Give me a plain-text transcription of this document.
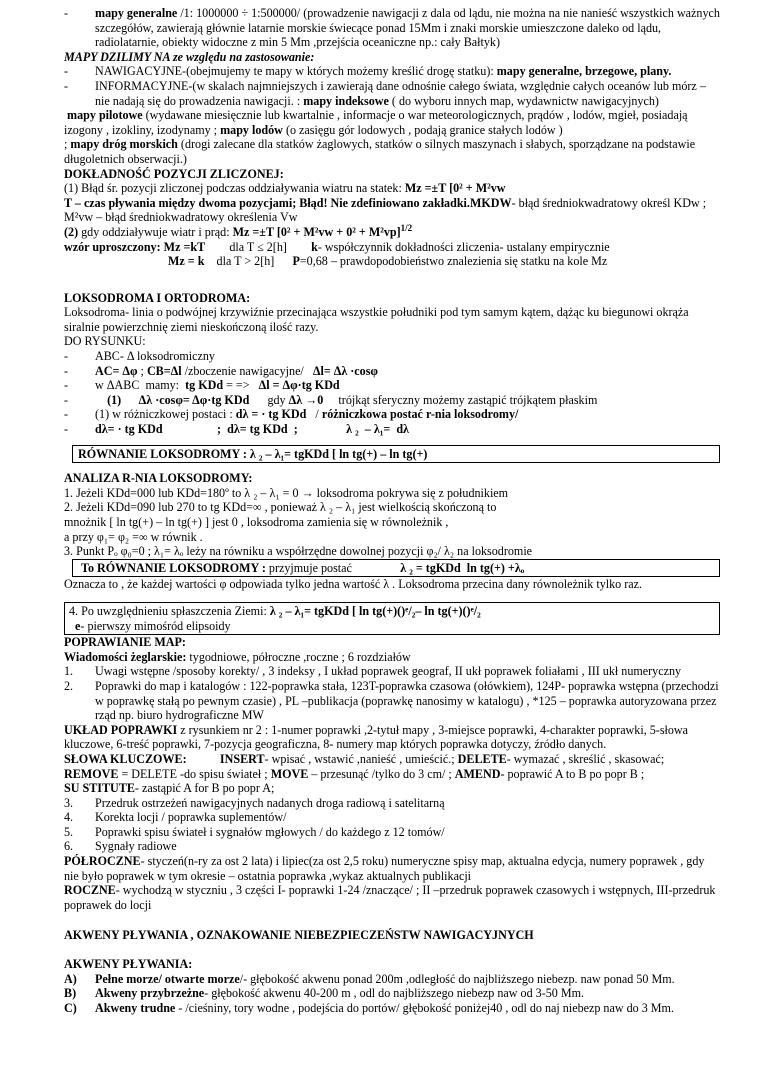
- mapy generalne /1: 1000000 ÷ 1:500000/ (prowadzenie nawigacji z dala od lądu, nie można na nie nanieść wszystkich ważnych szczegółów, zawierają głównie latarnie morskie świecące ponad 15Mm i znaki morskie umieszczone daleko od lądu, radiolatarnie, obiekty widoczne z min 5 Mm ,przejścia oceaniczne np.: cały Bałtyk)

MAPY DZILIMY NA ze względu na zastosowanie:

- NAWIGACYJNE-(obejmujemy te mapy w których możemy kreślić drogę statku): mapy generalne, brzegowe, plany.

- INFORMACYJNE-(w skalach najmniejszych i zawierają dane odnośnie całego świata, względnie całych oceanów lub mórz – nie nadają się do prowadzenia nawigacji. : mapy indeksowe ( do wyboru innych map, wydawnictw nawigacyjnych)

mapy pilotowe (wydawane miesięcznie lub kwartalnie , informacje o war meteorologicznych, prądów , lodów, mgieł, posiadają izogony , izokliny, izodynamy ; mapy lodów (o zasięgu gór lodowych , podają granice stałych lodów )

; mapy dróg morskich (drogi zalecane dla statków żaglowych, statków o silnych maszynach i słabych, sporządzane na podstawie długoletnich obserwacji.)

DOKŁADNOŚĆ POZYCJI ZLICZONEJ:

(1) Błąd śr. pozycji zliczonej podczas oddziaływania wiatru na statek: Mz =±T [0² + M²vw

T – czas pływania między dwoma pozycjami; Błąd! Nie zdefiniowano zakładki.MKDW- błąd średniokwadratowy określ KDw ;

M²vw – błąd średniokwadratowy określenia Vw

(2) gdy oddziaływuje wiatr i prąd: Mz =±T $[0^2 + M^2vw + 0^2 + M^2vp]^{1/2}$

wzór uproszczony: Mz =kT        dla T ≤ 2[h]        k- współczynnik dokładności zliczenia- ustalany empirycznie

Mz = k    dla T > 2[h]      P=0,68 – prawdopodobieństwo znalezienia się statku na kole Mz

LOKSODROMA I ORTODROMA:

Loksodroma- linia o podwójnej krzywiźnie przecinająca wszystkie południki pod tym samym kątem, dążąc ku biegunowi okrąża siralnie powierzchnię ziemi nieskończoną ilość razy.

DO RYSUNKU:

- ABC- Δ loksodromiczny

- AC= Δφ ; CB=Δl /zboczenie nawigacyjne/   Δl= Δλ ·cosφ

- w ΔABC  mamy:  tg KDd = =>   Δl = Δφ·tg KDd

-	(1)      Δλ ·cosφ= Δφ·tg KDd      gdy Δλ →0     trójkąt sferyczny możemy zastąpić trójkątem płaskim

- (1) w różniczkowej postaci : dλ = · tg KDd   / różniczkowa postać r-nia loksodromy/

- dλ= · tg KDd                  ;  dλ= tg KDd  ;                λ ₂  – λ₁=  dλ

RÓWNANIE LOKSODROMY : λ ₂ – λ₁= tgKDd [ ln tg(+) – ln tg(+)

ANALIZA R-NIA LOKSODROMY:

1. Jeżeli KDd=000 lub KDd=180º to λ ₂ – λ₁ = 0 → loksodroma pokrywa się z południkiem

2. Jeżeli KDd=090 lub 270 to tg KDd=∞ , ponieważ λ ₂ – λ₁ jest wielkością skończoną to

mnożnik [ ln tg(+) – ln tg(+) ] jest 0 , loksodroma zamienia się w równoleżnik ,

a przy φ₁= φ₂ =∞ w równik .

3. Punkt Pₒ φ₀=0 ; λ₁= λₒ leży na równiku a współrzędne dowolnej pozycji φ₂/ λ₂ na loksodromie

To RÓWNANIE LOKSODROMY : przyjmuje postać                λ ₂ = tgKDd  ln tg(+) +λₒ

Oznacza to , że każdej wartości φ odpowiada tylko jedna wartość λ . Loksodroma przecina dany równoleżnik tylko raz.

4. Po uwzględnieniu spłaszczenia Ziemi: λ ₂ – λ₁= tgKDd [ ln tg(+)()ᵉ/₂– ln tg(+)()ᵉ/₂

e- pierwszy mimośród elipsoidy

POPRAWIANIE MAP:

Wiadomości żeglarskie: tygodniowe, półroczne ,roczne ; 6 rozdziałów

1. Uwagi wstępne /sposoby korekty/ , 3 indeksy , I układ poprawek geograf, II ukł poprawek foliałami , III ukł numeryczny

2. Poprawki do map i katalogów : 122-poprawka stała, 123T-poprawka czasowa (ołówkiem), 124P- poprawka wstępna (przechodzi w poprawkę stałą po pewnym czasie) , PL –publikacja (poprawkę nanosimy w katalogu) , *125 – poprawka autoryzowana przez rząd np. biuro hydrograficzne MW

UKŁAD POPRAWKI z rysunkiem nr 2 : 1-numer poprawki ,2-tytuł mapy , 3-miejsce poprawki, 4-charakter poprawki, 5-słowa kluczowe, 6-treść poprawki, 7-pozycja geograficzna, 8- numery map których poprawka dotyczy, źródło danych.

SŁOWA KLUCZOWE:	INSERT- wpisać , wstawić ,nanieść , umieścić.; DELETE- wymazać , skreślić , skasować;

REMOVE = DELETE -do spisu świateł ; MOVE – przesunąć /tylko do 3 cm/ ; AMEND- poprawić A to B po popr B ;

SU STITUTE- zastąpić A for B po popr A;

3. Przedruk ostrzeżeń nawigacyjnych nadanych droga radiową i satelitarną

4. Korekta locji / poprawka suplementów/

5. Poprawki spisu świateł i sygnałów mgłowych / do każdego z 12 tomów/

6. Sygnały radiowe

PÓŁROCZNE- styczeń(n-ry za ost 2 lata) i lipiec(za ost 2,5 roku) numeryczne spisy map, aktualna edycja, numery poprawek , gdy nie było poprawek w tym okresie – ostatnia poprawka ,wykaz aktualnych publikacji

ROCZNE- wychodzą w styczniu , 3 części I- poprawki 1-24 /znaczące/ ; II –przedruk poprawek czasowych i wstępnych, III-przedruk poprawek do locji

AKWENY PŁYWANIA , OZNAKOWANIE NIEBEZPIECZEŃSTW NAWIGACYJNYCH

AKWENY PŁYWANIA:

A) Pełne morze/ otwarte morze/- głębokość akwenu ponad 200m ,odległość do najbliższego niebezp. naw ponad 50 Mm.

B) Akweny przybrzeżne- głębokość akwenu 40-200 m , odl do najbliższego niebezp naw od 3-50 Mm.

C) Akweny trudne - /cieśniny, tory wodne , podejścia do portów/ głębokość poniżej40 , odl do naj niebezp naw do 3 Mm.
